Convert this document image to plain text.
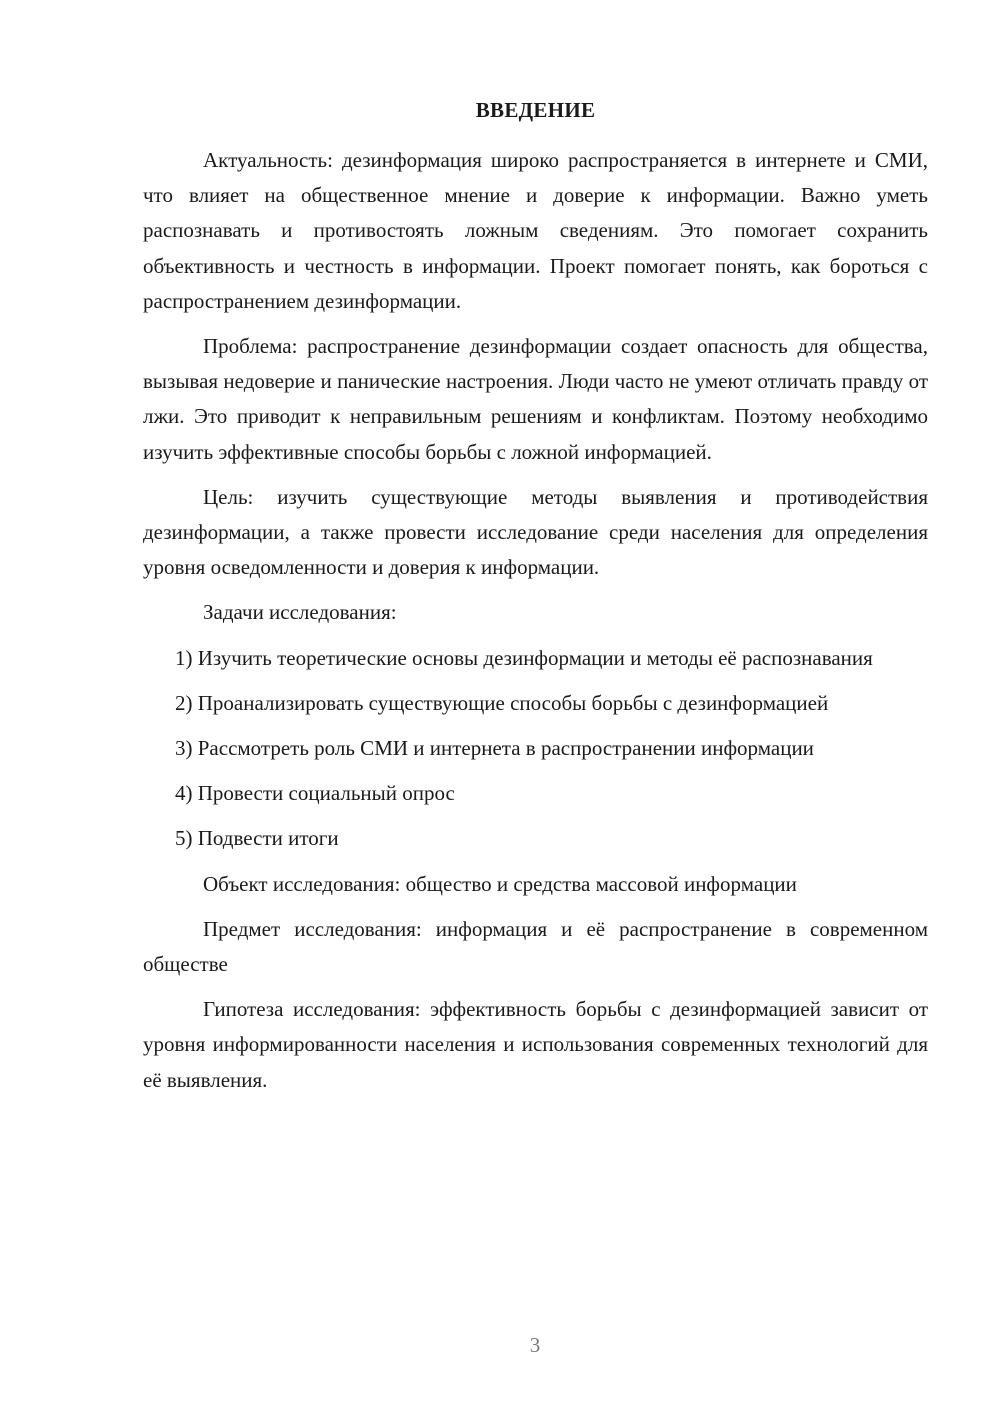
ВВЕДЕНИЕ

Актуальность: дезинформация широко распространяется в интернете и СМИ, что влияет на общественное мнение и доверие к информации. Важно уметь распознавать и противостоять ложным сведениям. Это помогает сохранить объективность и честность в информации. Проект помогает понять, как бороться с распространением дезинформации.

Проблема: распространение дезинформации создает опасность для общества, вызывая недоверие и панические настроения. Люди часто не умеют отличать правду от лжи. Это приводит к неправильным решениям и конфликтам. Поэтому необходимо изучить эффективные способы борьбы с ложной информацией.

Цель: изучить существующие методы выявления и противодействия дезинформации, а также провести исследование среди населения для определения уровня осведомленности и доверия к информации.

Задачи исследования:

1) Изучить теоретические основы дезинформации и методы её распознавания

2) Проанализировать существующие способы борьбы с дезинформацией

3) Рассмотреть роль СМИ и интернета в распространении информации

4) Провести социальный опрос

5) Подвести итоги

Объект исследования: общество и средства массовой информации

Предмет исследования: информация и её распространение в современном обществе

Гипотеза исследования: эффективность борьбы с дезинформацией зависит от уровня информированности населения и использования современных технологий для её выявления.

3
